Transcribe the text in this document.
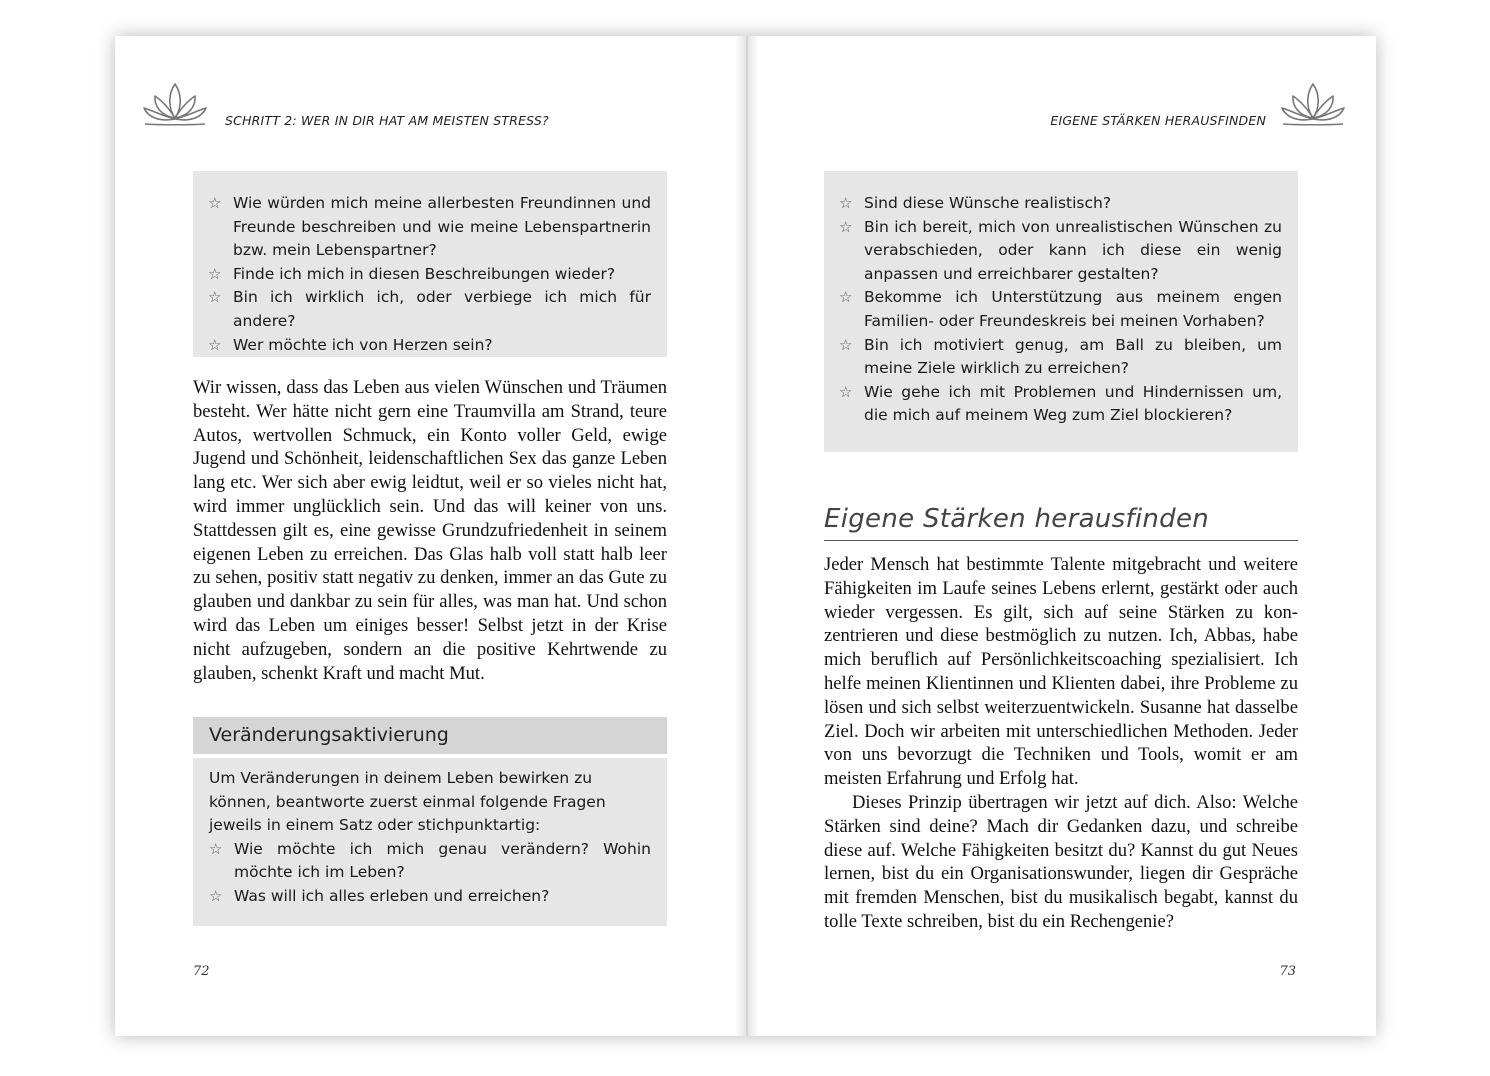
SCHRITT 2: WER IN DIR HAT AM MEISTEN STRESS?
☆ Wie würden mich meine allerbesten Freundinnen und Freunde beschreiben und wie meine Lebenspartnerin bzw. mein Lebenspartner?
☆ Finde ich mich in diesen Beschreibungen wieder?
☆ Bin ich wirklich ich, oder verbiege ich mich für andere?
☆ Wer möchte ich von Herzen sein?

Wir wissen, dass das Leben aus vielen Wünschen und Träumen besteht. Wer hätte nicht gern eine Traumvilla am Strand, teure Autos, wertvollen Schmuck, ein Konto voller Geld, ewige Jugend und Schönheit, leidenschaftlichen Sex das ganze Leben lang etc. Wer sich aber ewig leidtut, weil er so vieles nicht hat, wird immer unglücklich sein. Und das will keiner von uns. Stattdessen gilt es, eine gewisse Grundzufriedenheit in seinem eigenen Leben zu erreichen. Das Glas halb voll statt halb leer zu sehen, positiv statt negativ zu denken, immer an das Gute zu glauben und dankbar zu sein für alles, was man hat. Und schon wird das Leben um einiges besser! Selbst jetzt in der Krise nicht aufzugeben, sondern an die positive Kehrtwende zu glauben, schenkt Kraft und macht Mut.

Veränderungsaktivierung
Um Veränderungen in deinem Leben bewirken zu können, beantworte zuerst einmal folgende Fragen jeweils in einem Satz oder stichpunktartig:
☆ Wie möchte ich mich genau verändern? Wohin möchte ich im Leben?
☆ Was will ich alles erleben und erreichen?
72
EIGENE STÄRKEN HERAUSFINDEN
☆ Sind diese Wünsche realistisch?
☆ Bin ich bereit, mich von unrealistischen Wünschen zu verabschieden, oder kann ich diese ein wenig anpassen und erreichbarer gestalten?
☆ Bekomme ich Unterstützung aus meinem engen Familien- oder Freundeskreis bei meinen Vorhaben?
☆ Bin ich motiviert genug, am Ball zu bleiben, um meine Ziele wirklich zu erreichen?
☆ Wie gehe ich mit Problemen und Hindernissen um, die mich auf meinem Weg zum Ziel blockieren?
Eigene Stärken herausfinden

Jeder Mensch hat bestimmte Talente mitgebracht und weitere Fähigkeiten im Laufe seines Lebens erlernt, gestärkt oder auch wieder vergessen. Es gilt, sich auf seine Stärken zu konzentrieren und diese bestmöglich zu nutzen. Ich, Abbas, habe mich beruflich auf Persönlichkeitscoaching spezialisiert. Ich helfe meinen Klientinnen und Klienten dabei, ihre Probleme zu lösen und sich selbst weiterzuentwickeln. Susanne hat dasselbe Ziel. Doch wir arbeiten mit unterschiedlichen Methoden. Jeder von uns bevorzugt die Techniken und Tools, womit er am meisten Erfahrung und Erfolg hat.

Dieses Prinzip übertragen wir jetzt auf dich. Also: Welche Stärken sind deine? Mach dir Gedanken dazu, und schreibe diese auf. Welche Fähigkeiten besitzt du? Kannst du gut Neues lernen, bist du ein Organisationswunder, liegen dir Gespräche mit fremden Menschen, bist du musikalisch begabt, kannst du tolle Texte schreiben, bist du ein Rechengenie?

73
